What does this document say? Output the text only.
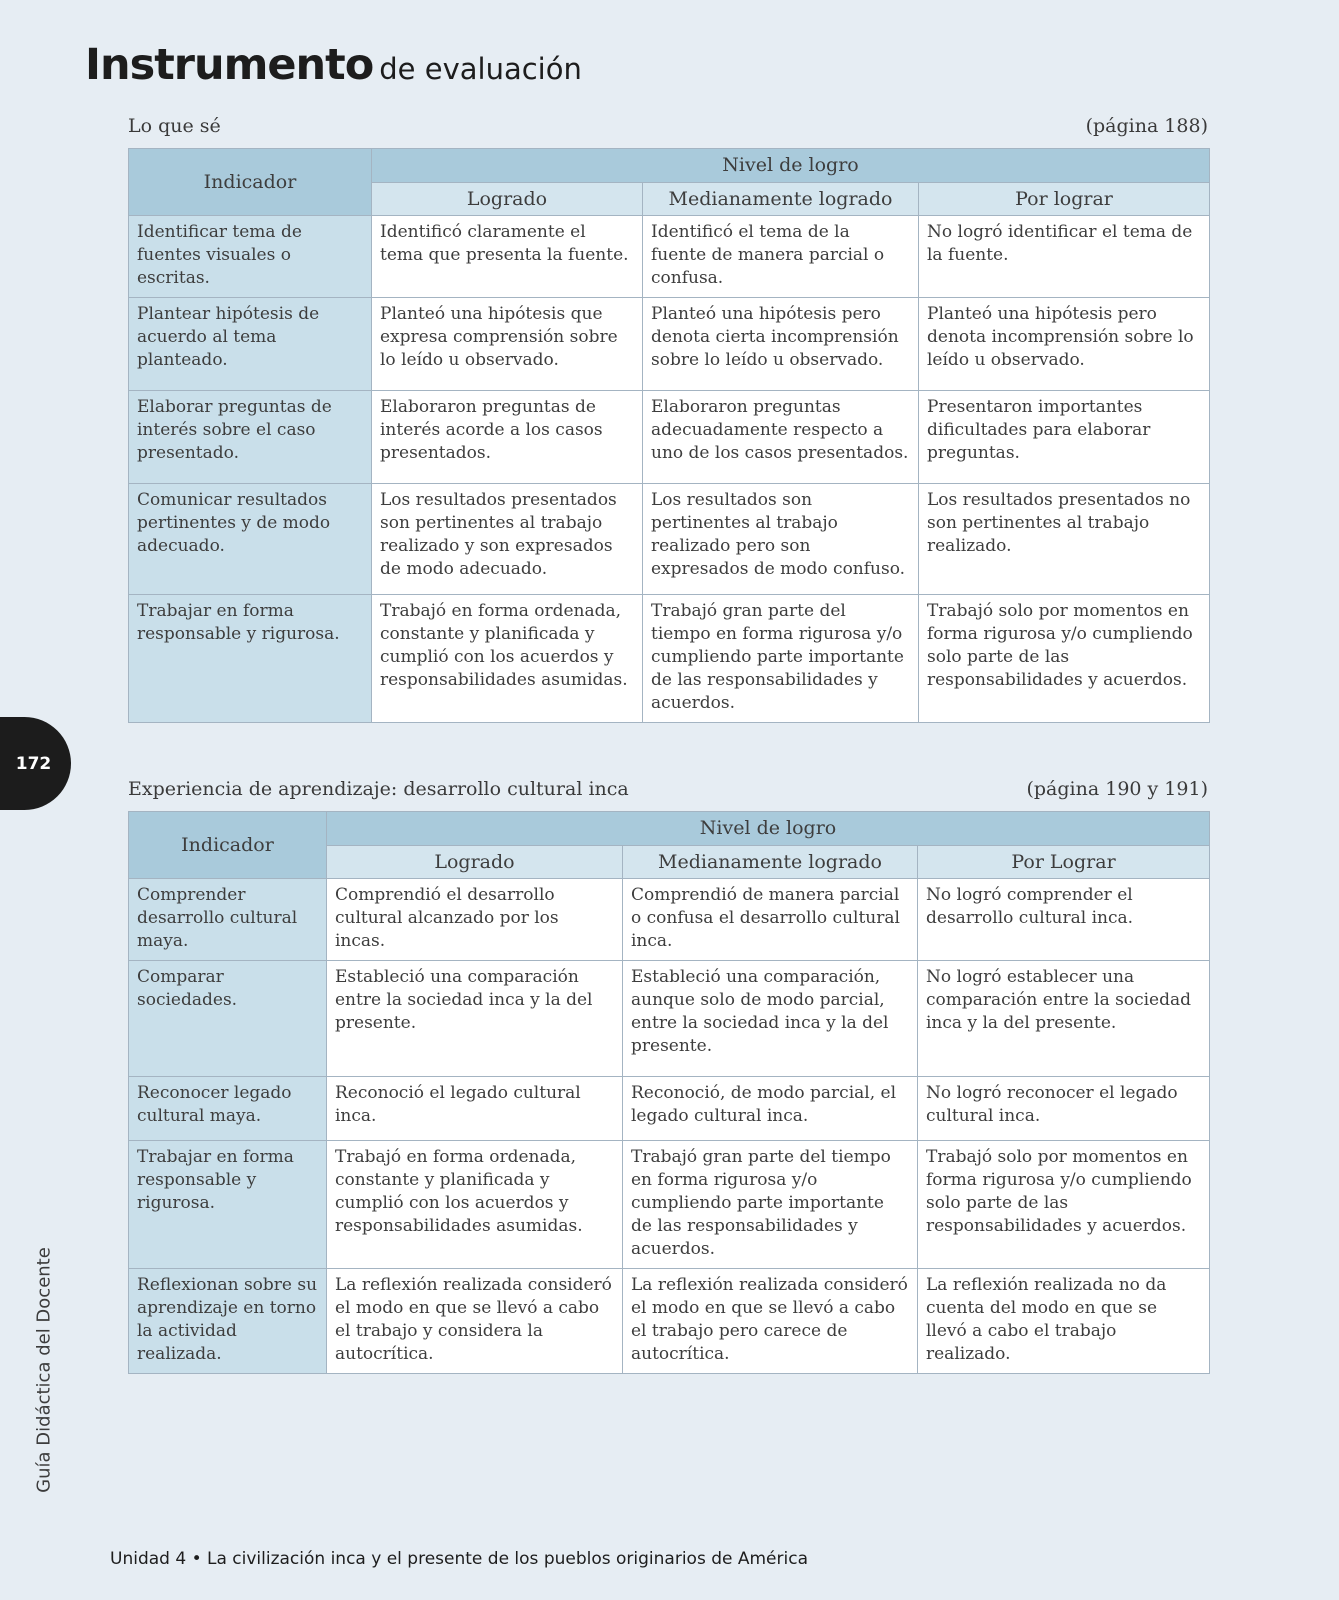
Instrumento de evaluación
Lo que sé	(página 188)
Indicador	Nivel de logro		
	Logrado	Medianamente logrado	Por lograr
Identificar tema de fuentes visuales o escritas.	Identificó claramente el tema que presenta la fuente.	Identificó el tema de la fuente de manera parcial o confusa.	No logró identificar el tema de la fuente.
Plantear hipótesis de acuerdo al tema planteado.	Planteó una hipótesis que expresa comprensión sobre lo leído u observado.	Planteó una hipótesis pero denota cierta incomprensión sobre lo leído u observado.	Planteó una hipótesis pero denota incomprensión sobre lo leído u observado.
Elaborar preguntas de interés sobre el caso presentado.	Elaboraron preguntas de interés acorde a los casos presentados.	Elaboraron preguntas adecuadamente respecto a uno de los casos presentados.	Presentaron importantes dificultades para elaborar preguntas.
Comunicar resultados pertinentes y de modo adecuado.	Los resultados presentados son pertinentes al trabajo realizado y son expresados de modo adecuado.	Los resultados son pertinentes al trabajo realizado pero son expresados de modo confuso.	Los resultados presentados no son pertinentes al trabajo realizado.
Trabajar en forma responsable y rigurosa.	Trabajó en forma ordenada, constante y planificada y cumplió con los acuerdos y responsabilidades asumidas.	Trabajó gran parte del tiempo en forma rigurosa y/o cumpliendo parte importante de las responsabilidades y acuerdos.	Trabajó solo por momentos en forma rigurosa y/o cumpliendo solo parte de las responsabilidades y acuerdos.
172
Experiencia de aprendizaje: desarrollo cultural inca	(página 190 y 191)
Indicador	Nivel de logro		
	Logrado	Medianamente logrado	Por Lograr
Comprender desarrollo cultural maya.	Comprendió el desarrollo cultural alcanzado por los incas.	Comprendió de manera parcial o confusa el desarrollo cultural inca.	No logró comprender el desarrollo cultural inca.
Comparar sociedades.	Estableció una comparación entre la sociedad inca y la del presente.	Estableció una comparación, aunque solo de modo parcial, entre la sociedad inca y la del presente.	No logró establecer una comparación entre la sociedad inca y la del presente.
Reconocer legado cultural maya.	Reconoció el legado cultural inca.	Reconoció, de modo parcial, el legado cultural inca.	No logró reconocer el legado cultural inca.
Trabajar en forma responsable y rigurosa.	Trabajó en forma ordenada, constante y planificada y cumplió con los acuerdos y responsabilidades asumidas.	Trabajó gran parte del tiempo en forma rigurosa y/o cumpliendo parte importante de las responsabilidades y acuerdos.	Trabajó solo por momentos en forma rigurosa y/o cumpliendo solo parte de las responsabilidades y acuerdos.
Reflexionan sobre su aprendizaje en torno la actividad realizada.	La reflexión realizada consideró el modo en que se llevó a cabo el trabajo y considera la autocrítica.	La reflexión realizada consideró el modo en que se llevó a cabo el trabajo pero carece de autocrítica.	La reflexión realizada no da cuenta del modo en que se llevó a cabo el trabajo realizado.
Guía Didáctica del Docente
Unidad 4 • La civilización inca y el presente de los pueblos originarios de América
